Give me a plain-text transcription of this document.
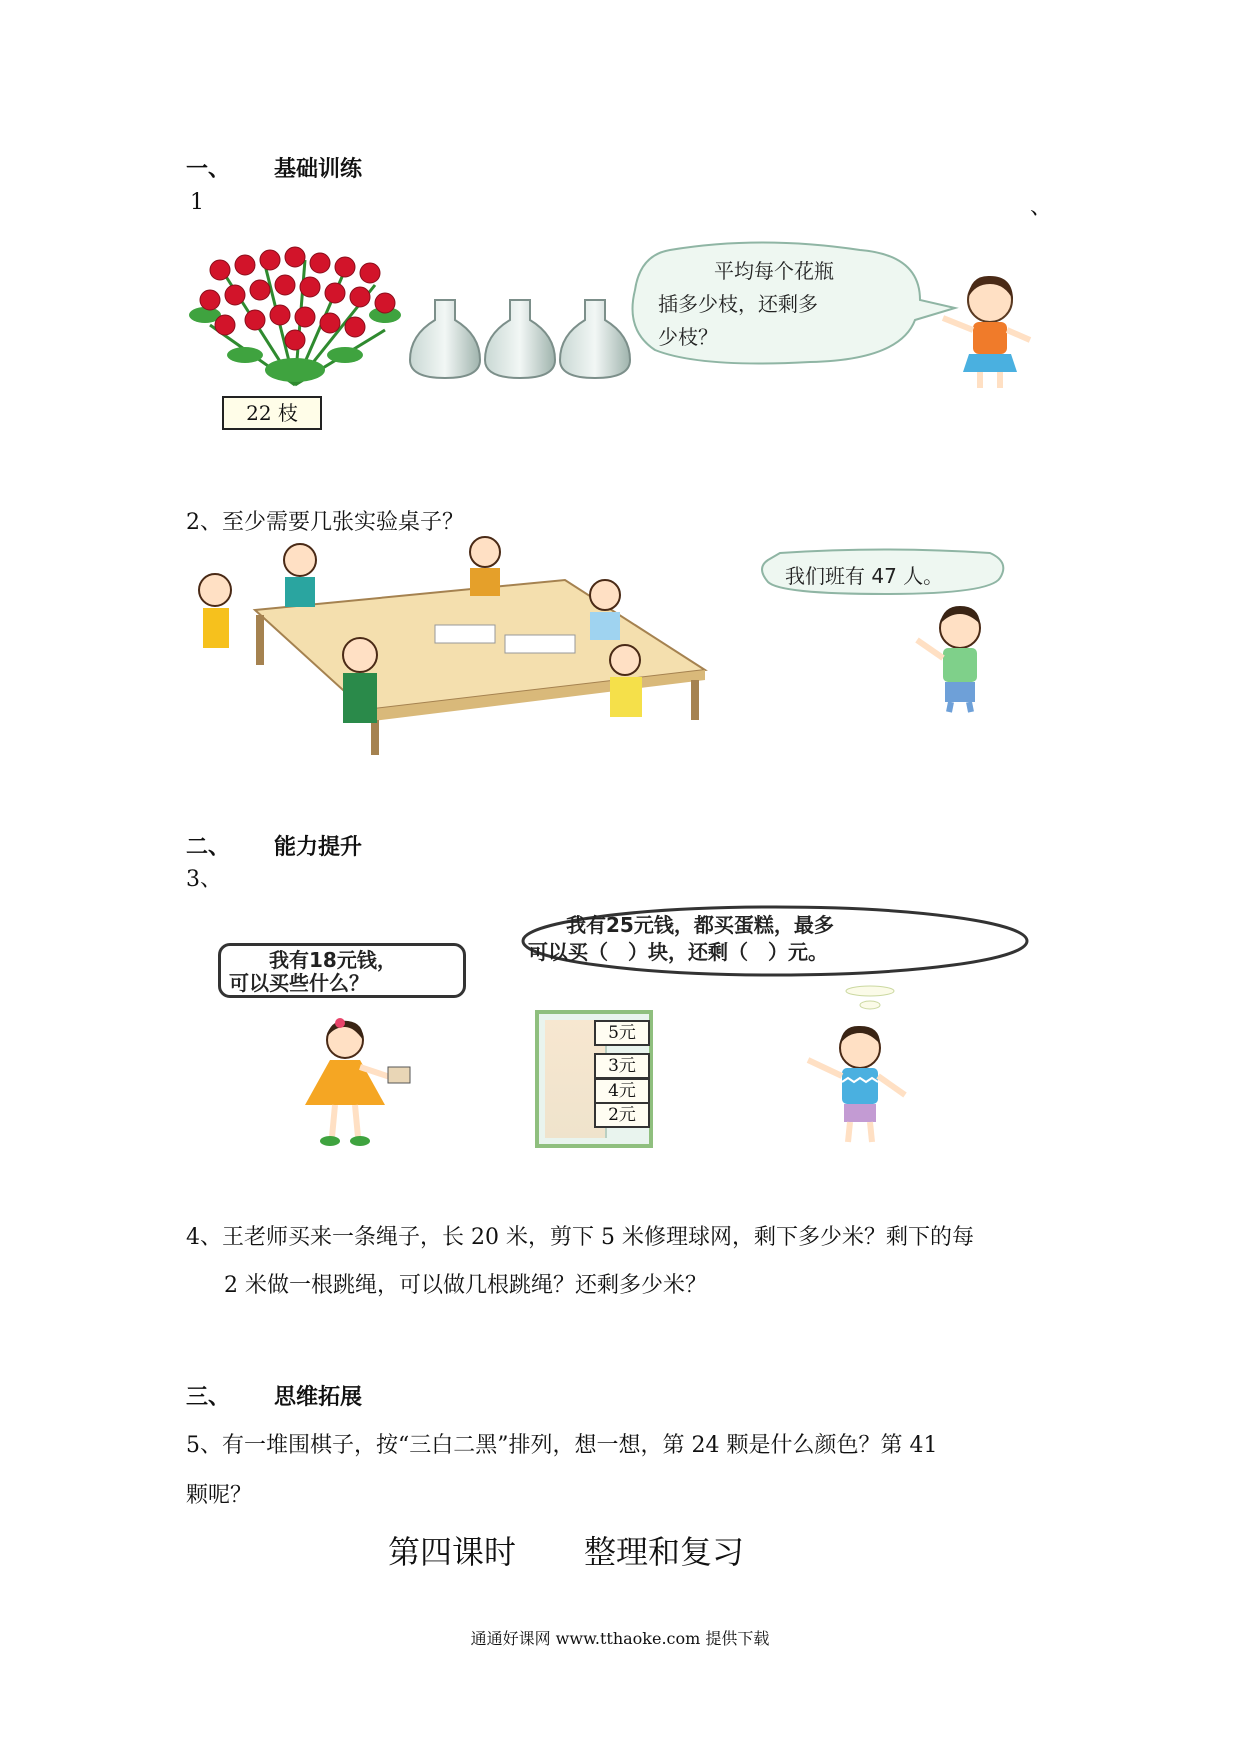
一、 基础训练
1	、
22 枝
平均每个花瓶
插多少枝，还剩多
少枝？
2、至少需要几张实验桌子？
我们班有 47 人。
二、 能力提升
3、
我有18元钱，
可以买些什么？
我有25元钱，都买蛋糕，最多
可以买（　）块，还剩（　）元。
5元
3元
4元
2元
4、王老师买来一条绳子，长 20 米，剪下 5 米修理球网，剩下多少米？剩下的每
2 米做一根跳绳，可以做几根跳绳？还剩多少米？
三、 思维拓展
5、有一堆围棋子，按“三白二黑”排列，想一想，第 24 颗是什么颜色？第 41
颗呢？
第四课时 整理和复习
通通好课网 www.tthaoke.com 提供下载
